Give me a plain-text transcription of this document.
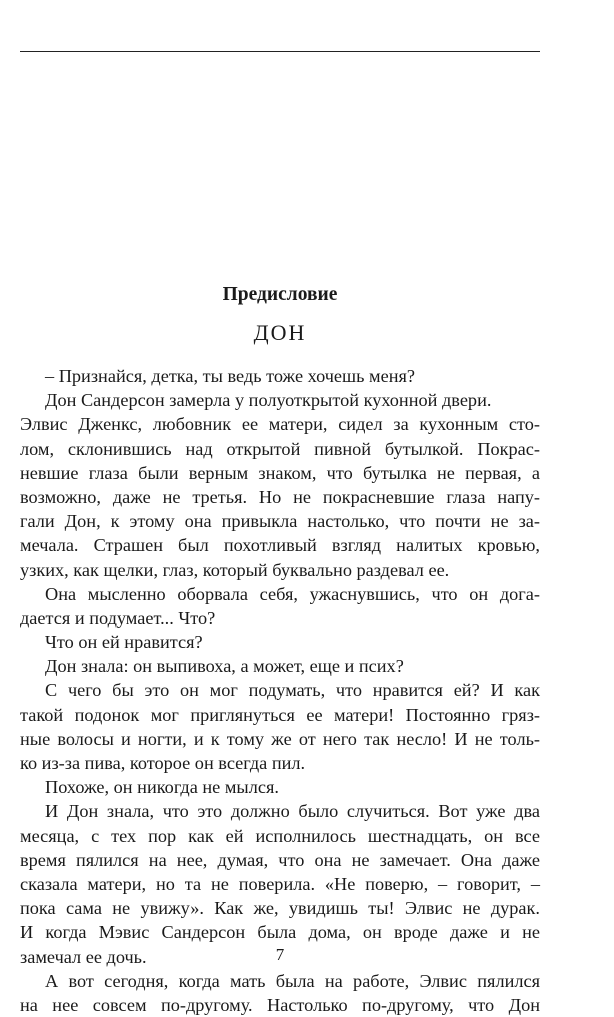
Предисловие
ДОН
– Признайся, детка, ты ведь тоже хочешь меня?
Дон Сандерсон замерла у полуоткрытой кухонной двери.
Элвис Дженкс, любовник ее матери, сидел за кухонным сто-
лом, склонившись над открытой пивной бутылкой. Покрас-
невшие глаза были верным знаком, что бутылка не первая, а
возможно, даже не третья. Но не покрасневшие глаза напу-
гали Дон, к этому она привыкла настолько, что почти не за-
мечала. Страшен был похотливый взгляд налитых кровью,
узких, как щелки, глаз, который буквально раздевал ее.
Она мысленно оборвала себя, ужаснувшись, что он дога-
дается и подумает... Что?
Что он ей нравится?
Дон знала: он выпивоха, а может, еще и псих?
С чего бы это он мог подумать, что нравится ей? И как
такой подонок мог приглянуться ее матери! Постоянно гряз-
ные волосы и ногти, и к тому же от него так несло! И не толь-
ко из-за пива, которое он всегда пил.
Похоже, он никогда не мылся.
И Дон знала, что это должно было случиться. Вот уже два
месяца, с тех пор как ей исполнилось шестнадцать, он все
время пялился на нее, думая, что она не замечает. Она даже
сказала матери, но та не поверила. «Не поверю, – говорит, –
пока сама не увижу». Как же, увидишь ты! Элвис не дурак.
И когда Мэвис Сандерсон была дома, он вроде даже и не
замечал ее дочь.
А вот сегодня, когда мать была на работе, Элвис пялился
на нее совсем по-другому. Настолько по-другому, что Дон
7
